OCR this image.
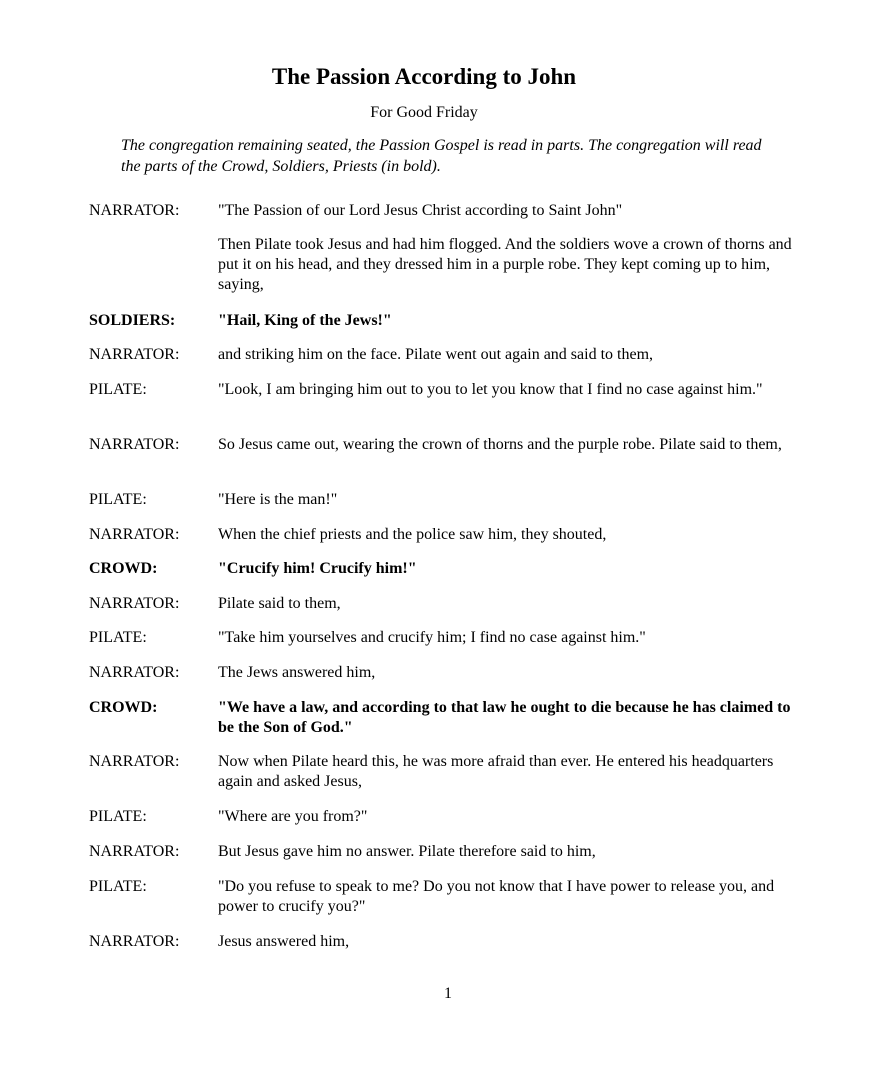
The Passion According to John
For Good Friday
The congregation remaining seated, the Passion Gospel is read in parts. The congregation will read the parts of the Crowd, Soldiers, Priests (in bold).
NARRATOR:	"The Passion of our Lord Jesus Christ according to Saint John"
Then Pilate took Jesus and had him flogged. And the soldiers wove a crown of thorns and put it on his head, and they dressed him in a purple robe. They kept coming up to him, saying,
SOLDIERS:	"Hail, King of the Jews!"
NARRATOR:	and striking him on the face. Pilate went out again and said to them,
PILATE:	"Look, I am bringing him out to you to let you know that I find no case against him."
NARRATOR:	So Jesus came out, wearing the crown of thorns and the purple robe. Pilate said to them,
PILATE:	"Here is the man!"
NARRATOR:	When the chief priests and the police saw him, they shouted,
CROWD:	"Crucify him! Crucify him!"
NARRATOR:	Pilate said to them,
PILATE:	"Take him yourselves and crucify him; I find no case against him."
NARRATOR:	The Jews answered him,
CROWD:	"We have a law, and according to that law he ought to die because he has claimed to be the Son of God."
NARRATOR:	Now when Pilate heard this, he was more afraid than ever. He entered his headquarters again and asked Jesus,
PILATE:	"Where are you from?"
NARRATOR:	But Jesus gave him no answer. Pilate therefore said to him,
PILATE:	"Do you refuse to speak to me? Do you not know that I have power to release you, and power to crucify you?"
NARRATOR:	Jesus answered him,
1
